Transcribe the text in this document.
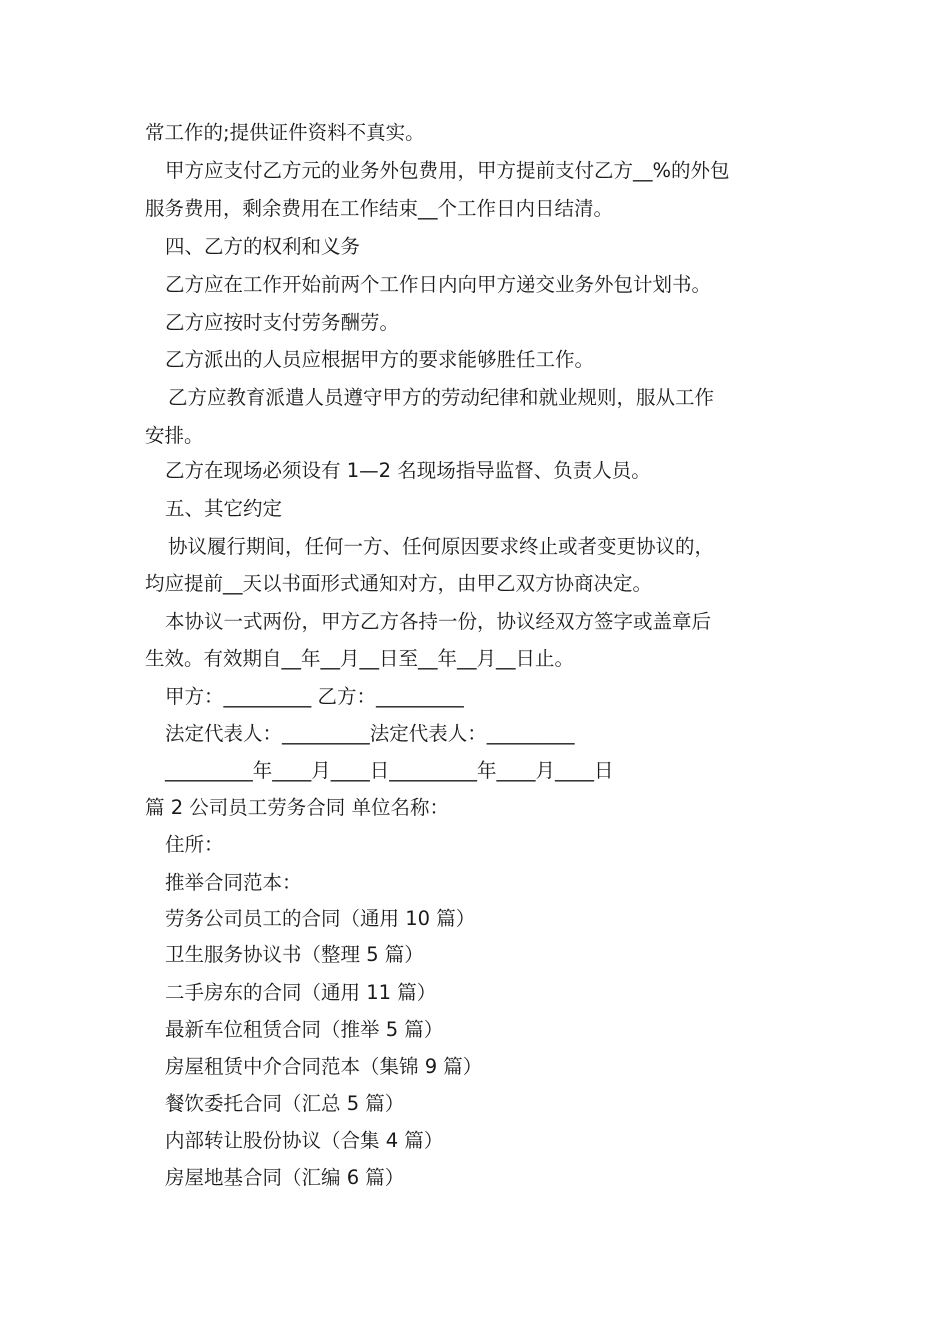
常工作的;提供证件资料不真实。
甲方应支付乙方元的业务外包费用，甲方提前支付乙方__%的外包
服务费用，剩余费用在工作结束__个工作日内日结清。
四、乙方的权利和义务
乙方应在工作开始前两个工作日内向甲方递交业务外包计划书。
乙方应按时支付劳务酬劳。
乙方派出的人员应根据甲方的要求能够胜任工作。
乙方应教育派遣人员遵守甲方的劳动纪律和就业规则，服从工作
安排。
乙方在现场必须设有 1—2 名现场指导监督、负责人员。
五、其它约定
协议履行期间，任何一方、任何原因要求终止或者变更协议的，
均应提前__天以书面形式通知对方，由甲乙双方协商决定。
本协议一式两份，甲方乙方各持一份，协议经双方签字或盖章后
生效。有效期自__年__月__日至__年__月__日止。
甲方：_________ 乙方：_________
法定代表人：_________法定代表人：_________
_________年____月____日_________年____月____日
篇 2 公司员工劳务合同 单位名称：
住所：
推举合同范本：
劳务公司员工的合同（通用 10 篇）
卫生服务协议书（整理 5 篇）
二手房东的合同（通用 11 篇）
最新车位租赁合同（推举 5 篇）
房屋租赁中介合同范本（集锦 9 篇）
餐饮委托合同（汇总 5 篇）
内部转让股份协议（合集 4 篇）
房屋地基合同（汇编 6 篇）
